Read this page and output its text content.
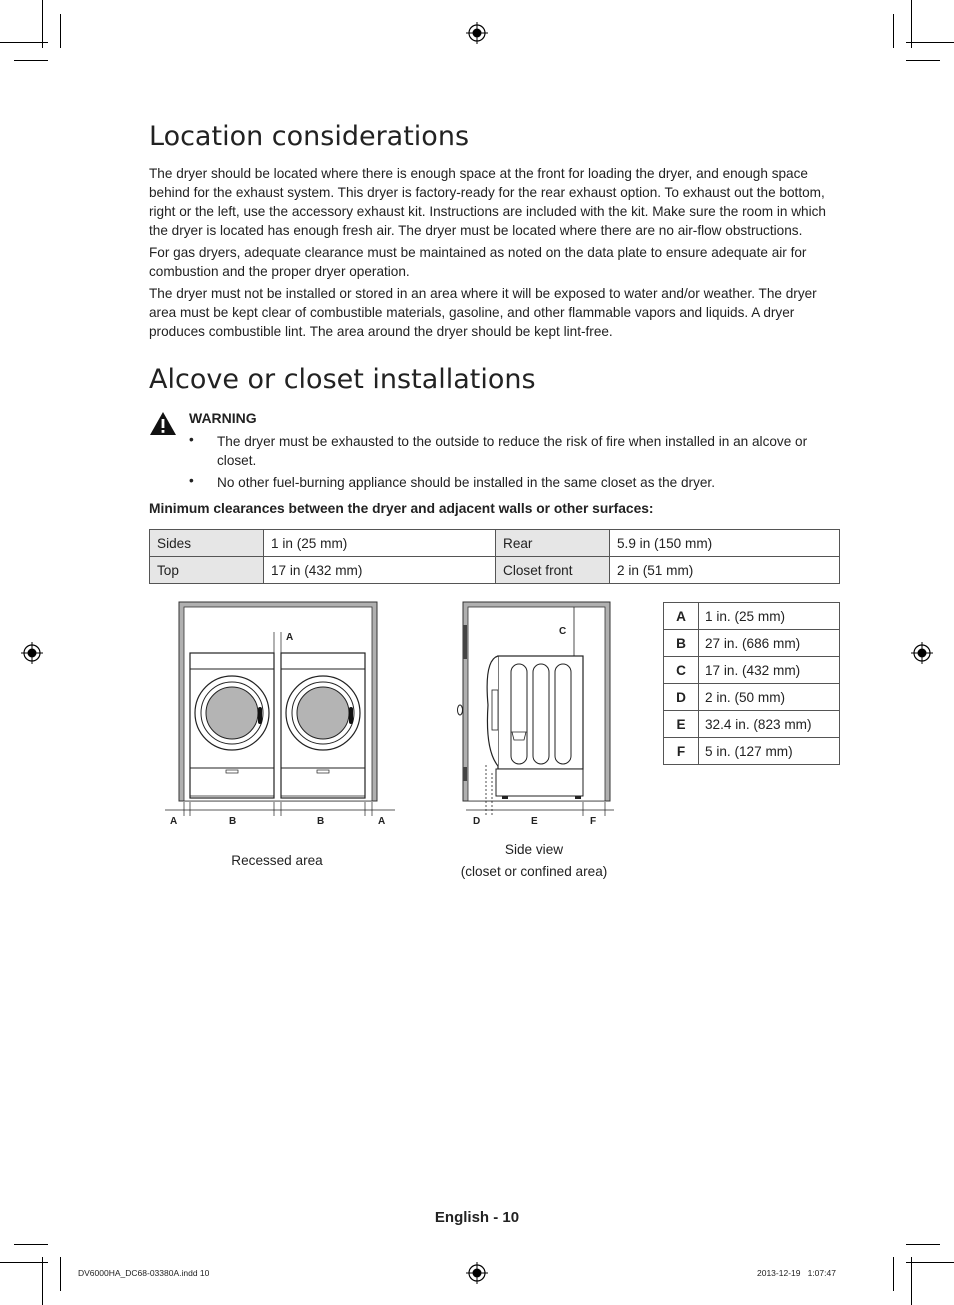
Location considerations

The dryer should be located where there is enough space at the front for loading the dryer, and enough space behind for the exhaust system. This dryer is factory-ready for the rear exhaust option. To exhaust out the bottom, right or the left, use the accessory exhaust kit. Instructions are included with the kit. Make sure the room in which the dryer is located has enough fresh air. The dryer must be located where there are no air-flow obstructions.

For gas dryers, adequate clearance must be maintained as noted on the data plate to ensure adequate air for combustion and the proper dryer operation.

The dryer must not be installed or stored in an area where it will be exposed to water and/or weather. The dryer area must be kept clear of combustible materials, gasoline, and other flammable vapors and liquids. A dryer produces combustible lint. The area around the dryer should be kept lint-free.

Alcove or closet installations
WARNING
• The dryer must be exhausted to the outside to reduce the risk of fire when installed in an alcove or closet.
• No other fuel-burning appliance should be installed in the same closet as the dryer.
Minimum clearances between the dryer and adjacent walls or other surfaces:
Sides	1 in (25 mm)	Rear	5.9 in (150 mm)
Top	17 in (432 mm)	Closet front	2 in (51 mm)
A
A	B	B	A
Recessed area
C
D	E	F
Side view
(closet or confined area)
A	1 in. (25 mm)
B	27 in. (686 mm)
C	17 in. (432 mm)
D	2 in. (50 mm)
E	32.4 in. (823 mm)
F	5 in. (127 mm)
English - 10
DV6000HA_DC68-03380A.indd 10	2013-12-19   1:07:47
